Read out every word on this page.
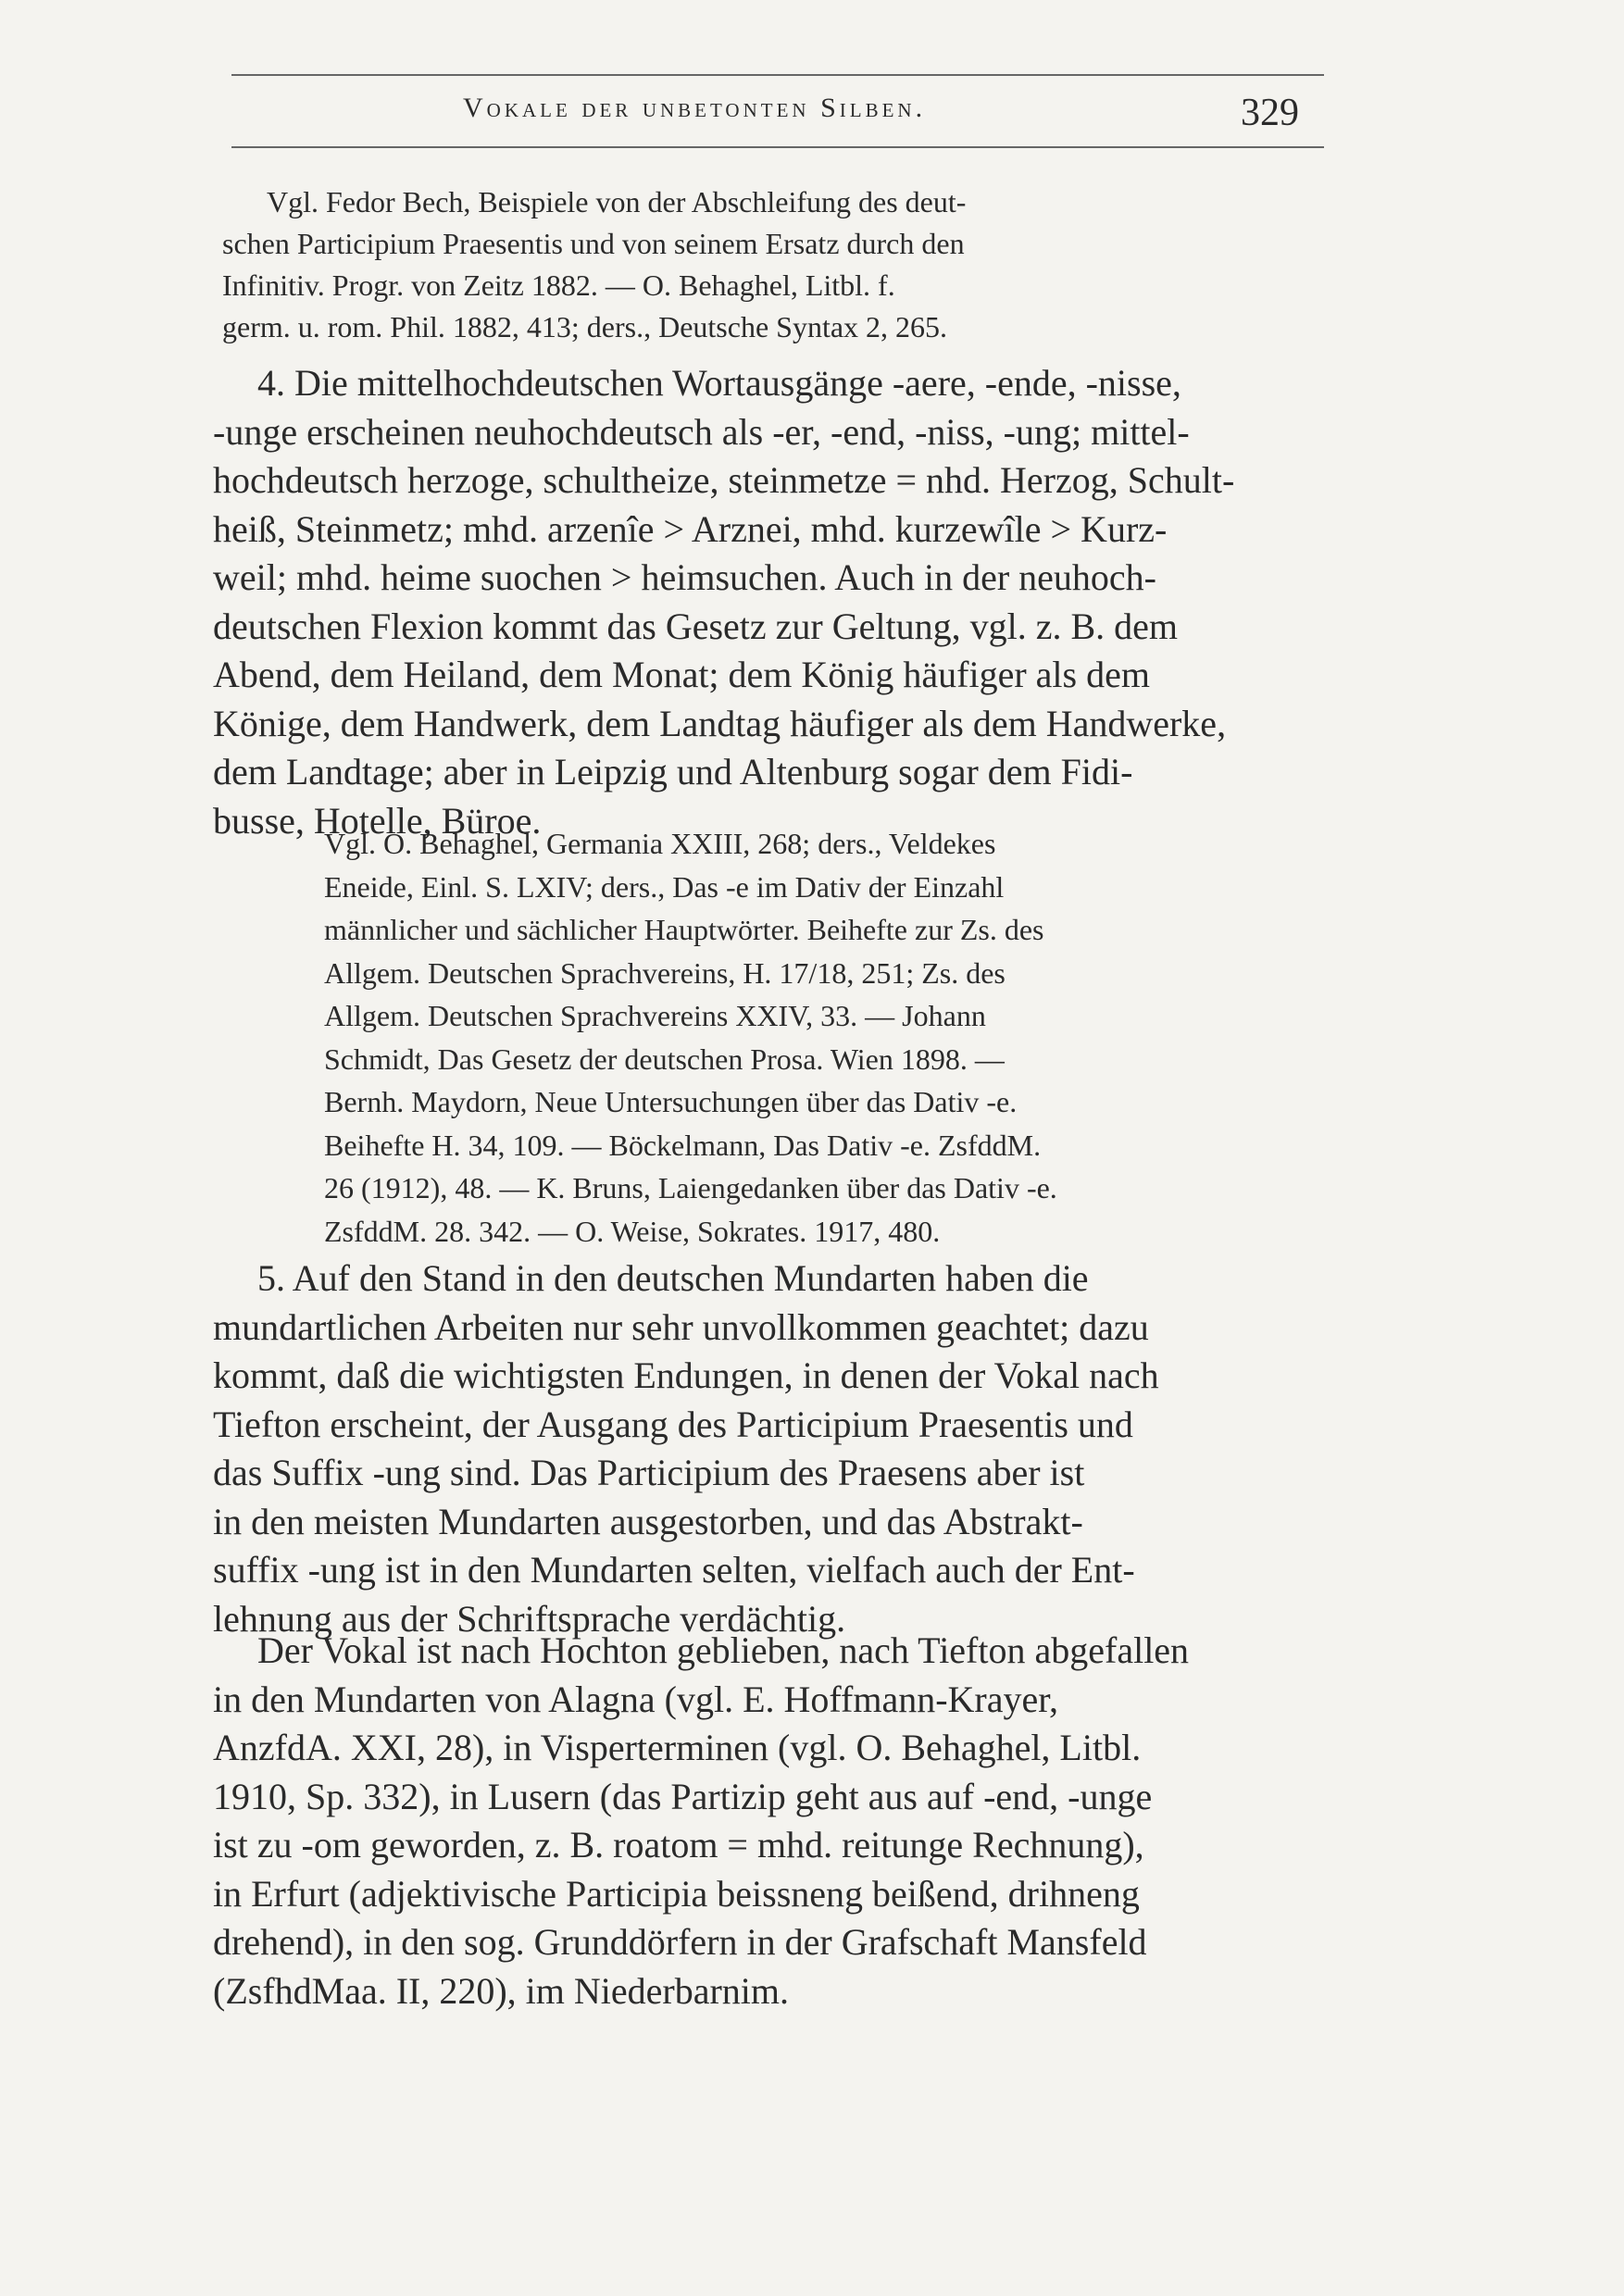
Vokale der unbetonten Silben.	329
Vgl. Fedor Bech, Beispiele von der Abschleifung des deut-
schen Participium Praesentis und von seinem Ersatz durch den
Infinitiv. Progr. von Zeitz 1882. — O. Behaghel, Litbl. f.
germ. u. rom. Phil. 1882, 413; ders., Deutsche Syntax 2, 265.
4. Die mittelhochdeutschen Wortausgänge -aere, -ende, -nisse,
-unge erscheinen neuhochdeutsch als -er, -end, -niss, -ung; mittel-
hochdeutsch herzoge, schultheize, steinmetze = nhd. Herzog, Schult-
heiß, Steinmetz; mhd. arzenîe > Arznei, mhd. kurzewîle > Kurz-
weil; mhd. heime suochen > heimsuchen. Auch in der neuhoch-
deutschen Flexion kommt das Gesetz zur Geltung, vgl. z. B. dem
Abend, dem Heiland, dem Monat; dem König häufiger als dem
Könige, dem Handwerk, dem Landtag häufiger als dem Handwerke,
dem Landtage; aber in Leipzig und Altenburg sogar dem Fidi-
busse, Hotelle, Büroe.
Vgl. O. Behaghel, Germania XXIII, 268; ders., Veldekes
Eneide, Einl. S. LXIV; ders., Das -e im Dativ der Einzahl
männlicher und sächlicher Hauptwörter. Beihefte zur Zs. des
Allgem. Deutschen Sprachvereins, H. 17/18, 251; Zs. des
Allgem. Deutschen Sprachvereins XXIV, 33. — Johann
Schmidt, Das Gesetz der deutschen Prosa. Wien 1898. —
Bernh. Maydorn, Neue Untersuchungen über das Dativ -e.
Beihefte H. 34, 109. — Böckelmann, Das Dativ -e. ZsfddM.
26 (1912), 48. — K. Bruns, Laiengedanken über das Dativ -e.
ZsfddM. 28. 342. — O. Weise, Sokrates. 1917, 480.
5. Auf den Stand in den deutschen Mundarten haben die
mundartlichen Arbeiten nur sehr unvollkommen geachtet; dazu
kommt, daß die wichtigsten Endungen, in denen der Vokal nach
Tiefton erscheint, der Ausgang des Participium Praesentis und
das Suffix -ung sind. Das Participium des Praesens aber ist
in den meisten Mundarten ausgestorben, und das Abstrakt-
suffix -ung ist in den Mundarten selten, vielfach auch der Ent-
lehnung aus der Schriftsprache verdächtig.
Der Vokal ist nach Hochton geblieben, nach Tiefton abgefallen
in den Mundarten von Alagna (vgl. E. Hoffmann-Krayer,
AnzfdA. XXI, 28), in Visperterminen (vgl. O. Behaghel, Litbl.
1910, Sp. 332), in Lusern (das Partizip geht aus auf -end, -unge
ist zu -om geworden, z. B. roatom = mhd. reitunge Rechnung),
in Erfurt (adjektivische Participia beissneng beißend, drihneng
drehend), in den sog. Grunddörfern in der Grafschaft Mansfeld
(ZsfhdMaa. II, 220), im Niederbarnim.
